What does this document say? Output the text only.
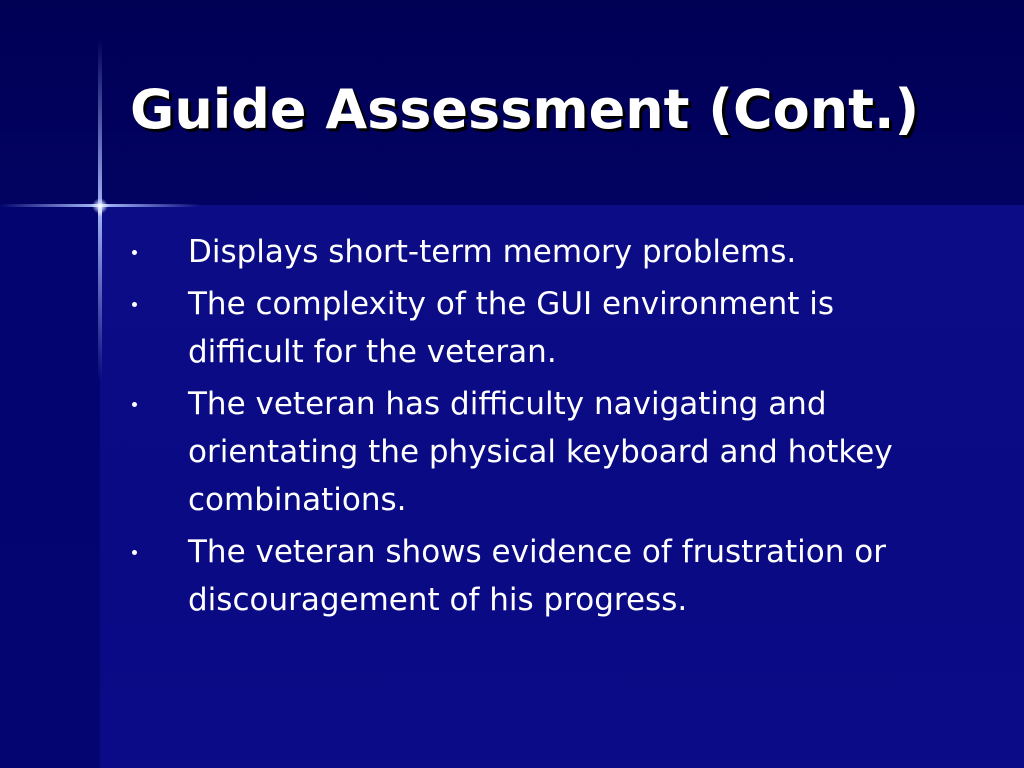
Guide Assessment (Cont.)
Displays short-term memory problems.
The complexity of the GUI environment is difficult for the veteran.
The veteran has difficulty navigating and orientating the physical keyboard and hotkey combinations.
The veteran shows evidence of frustration or discouragement of his progress.
